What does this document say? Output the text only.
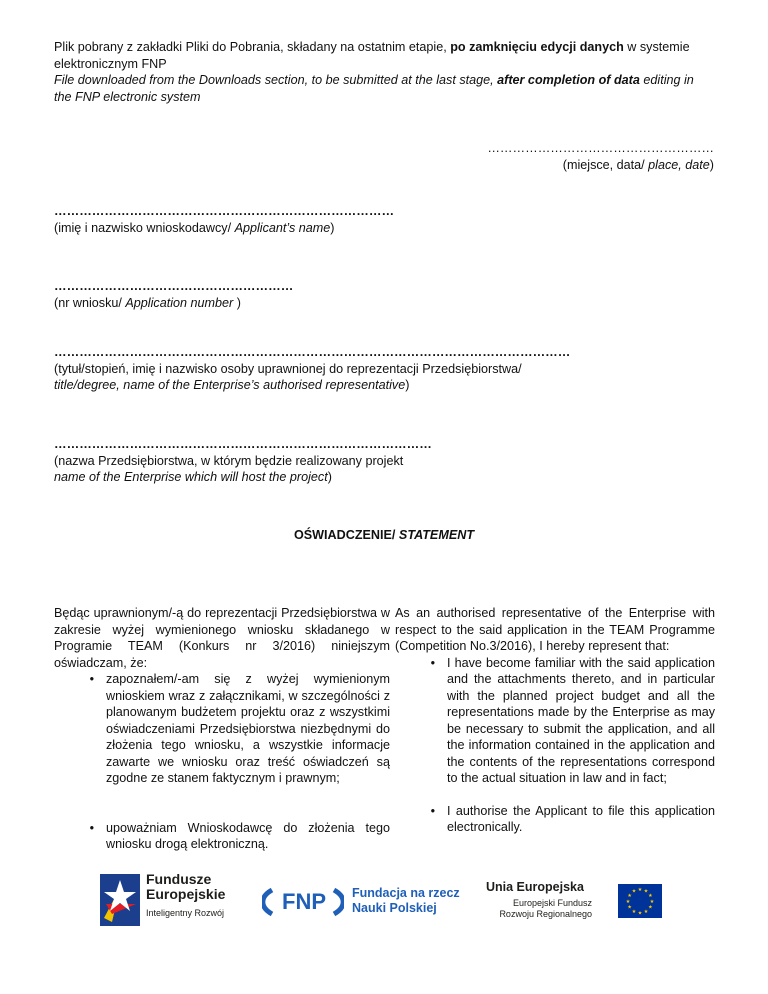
Plik pobrany z zakładki Pliki do Pobrania, składany na ostatnim etapie, po zamknięciu edycji danych w systemie elektronicznym FNP
File downloaded from the Downloads section, to be submitted at the last stage, after completion of data editing in the FNP electronic system
………………………………………………
(miejsce, data/ place, date)
………………………………………………………………………
(imię i nazwisko wnioskodawcy/ Applicant’s name)
…………………………………………………
(nr wniosku/ Application number )
……………………………………………………………………………………………………………
(tytuł/stopień, imię i nazwisko osoby uprawnionej do reprezentacji Przedsiębiorstwa/
title/degree, name of the Enterprise’s authorised representative)
………………………………………………………………………………
(nazwa Przedsiębiorstwa, w którym będzie realizowany projekt
name of the Enterprise which will host the project)
OŚWIADCZENIE/ STATEMENT
Będąc uprawnionym/-ą do reprezentacji Przedsiębiorstwa w zakresie wyżej wymienionego wniosku składanego w Programie TEAM (Konkurs nr 3/2016) niniejszym oświadczam, że:
• zapoznałem/-am się z wyżej wymienionym wnioskiem wraz z załącznikami, w szczególności z planowanym budżetem projektu oraz z wszystkimi oświadczeniami Przedsiębiorstwa niezbędnymi do złożenia tego wniosku, a wszystkie informacje zawarte we wniosku oraz treść oświadczeń są zgodne ze stanem faktycznym i prawnym;
• upoważniam Wnioskodawcę do złożenia tego wniosku drogą elektroniczną.
As an authorised representative of the Enterprise with respect to the said application in the TEAM Programme (Competition No.3/2016), I hereby represent that:
• I have become familiar with the said application and the attachments thereto, and in particular with the planned project budget and all the representations made by the Enterprise as may be necessary to submit the application, and all the information contained in the application and the contents of the representations correspond to the actual situation in law and in fact;
• I authorise the Applicant to file this application electronically.
Fundusze
Europejskie
Inteligentny Rozwój	FNP	Fundacja na rzecz
Nauki Polskiej
Unia Europejska
Europejski Fundusz
Rozwoju Regionalnego
★ ★
★
★
★
★
★
★
★
★
★
★
